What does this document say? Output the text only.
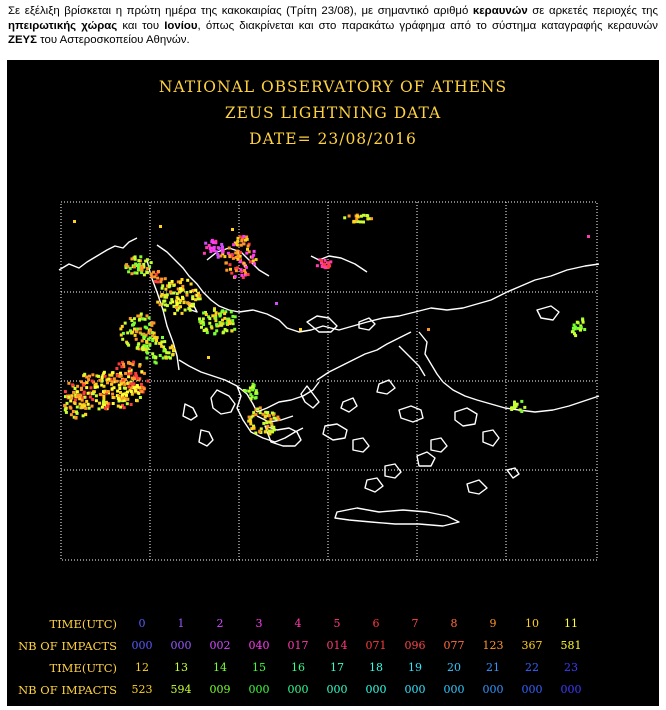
Σε εξέλιξη βρίσκεται η πρώτη ημέρα της κακοκαιρίας (Τρίτη 23/08), με σημαντικό αριθμό κεραυνών σε αρκετές περιοχές της ηπειρωτικής χώρας και του Ιονίου, όπως διακρίνεται και στο παρακάτω γράφημα από το σύστημα καταγραφής κεραυνών ΖΕΥΣ του Αστεροσκοπείου Αθηνών.
NATIONAL OBSERVATORY OF ATHENS
ZEUS LIGHTNING DATA
DATE= 23/08/2016
TIME(UTC)	0	1	2	3	4	5	6	7	8	9	10	11
NB OF IMPACTS	000	000	002	040	017	014	071	096	077	123	367	581
TIME(UTC)	12	13	14	15	16	17	18	19	20	21	22	23
NB OF IMPACTS	523	594	009	000	000	000	000	000	000	000	000	000
